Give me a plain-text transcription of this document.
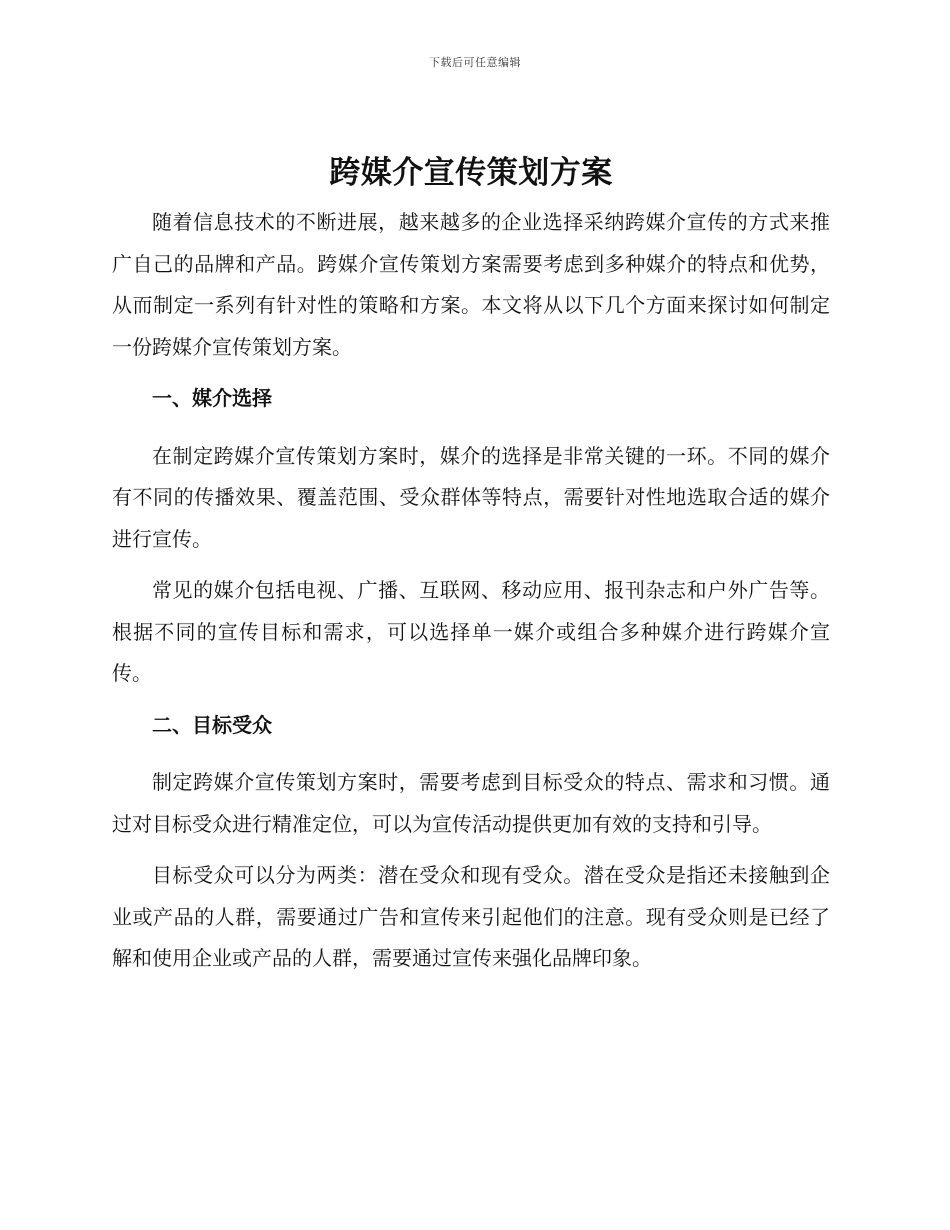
下载后可任意编辑
跨媒介宣传策划方案

随着信息技术的不断进展，越来越多的企业选择采纳跨媒介宣传的方式来推广自己的品牌和产品。跨媒介宣传策划方案需要考虑到多种媒介的特点和优势，从而制定一系列有针对性的策略和方案。本文将从以下几个方面来探讨如何制定一份跨媒介宣传策划方案。

一、媒介选择

在制定跨媒介宣传策划方案时，媒介的选择是非常关键的一环。不同的媒介有不同的传播效果、覆盖范围、受众群体等特点，需要针对性地选取合适的媒介进行宣传。

常见的媒介包括电视、广播、互联网、移动应用、报刊杂志和户外广告等。根据不同的宣传目标和需求，可以选择单一媒介或组合多种媒介进行跨媒介宣传。

二、目标受众

制定跨媒介宣传策划方案时，需要考虑到目标受众的特点、需求和习惯。通过对目标受众进行精准定位，可以为宣传活动提供更加有效的支持和引导。

目标受众可以分为两类：潜在受众和现有受众。潜在受众是指还未接触到企业或产品的人群，需要通过广告和宣传来引起他们的注意。现有受众则是已经了解和使用企业或产品的人群，需要通过宣传来强化品牌印象。
